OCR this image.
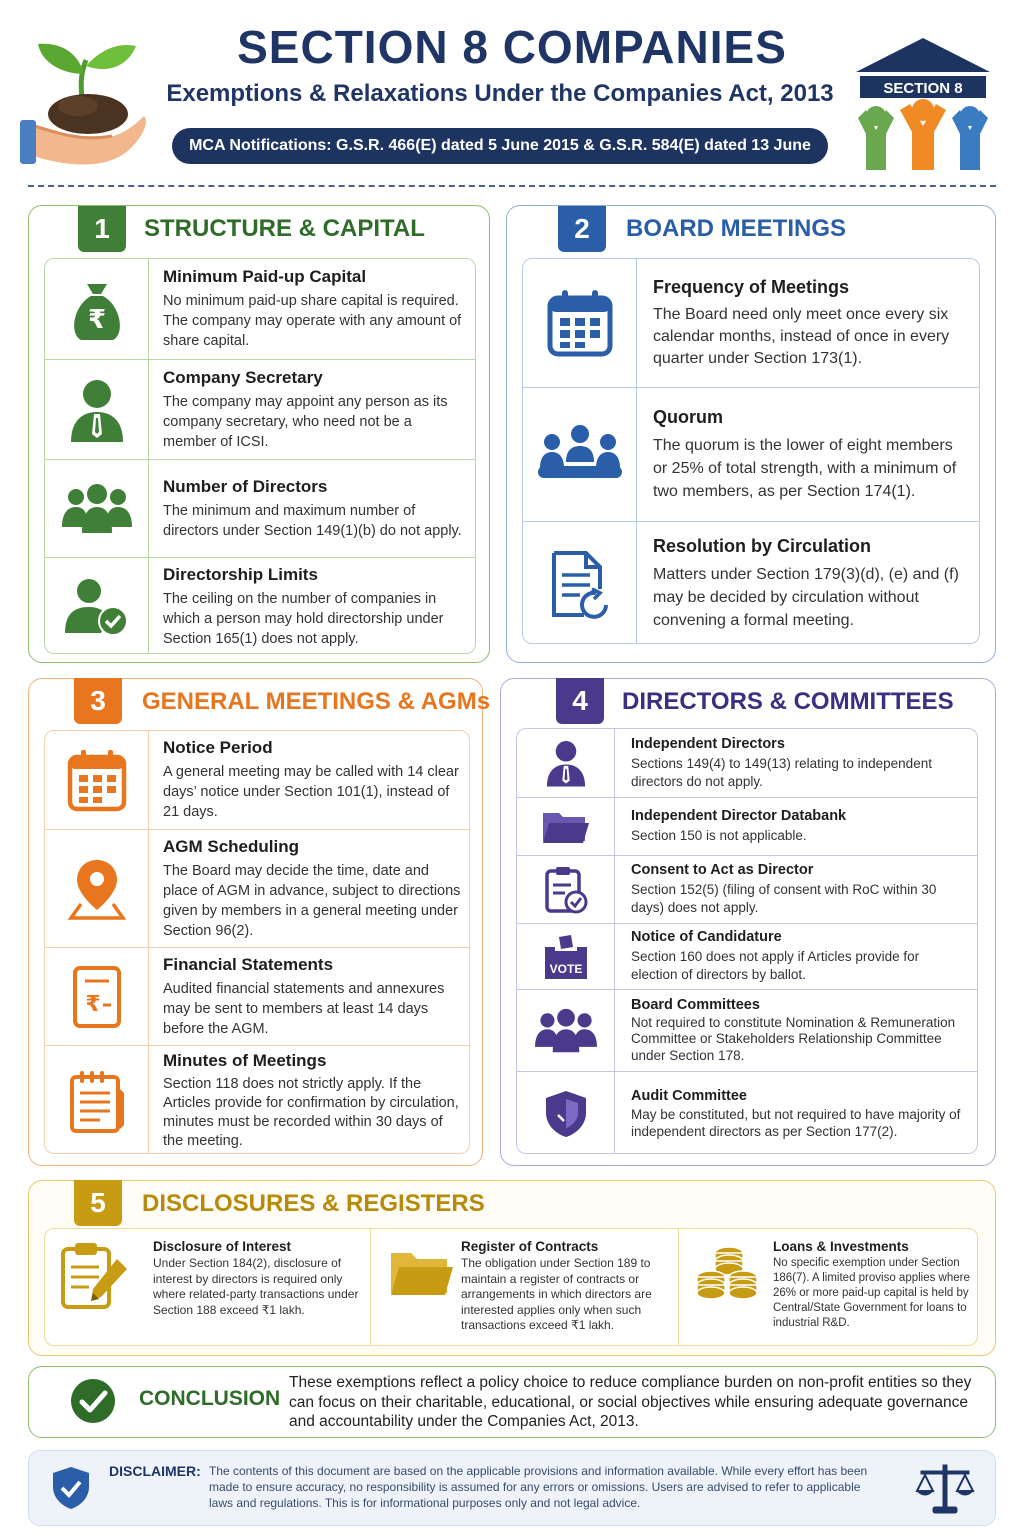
SECTION 8 COMPANIES
Exemptions & Relaxations Under the Companies Act, 2013
MCA Notifications: G.S.R. 466(E) dated 5 June 2015 & G.S.R. 584(E) dated 13 June 2017
SECTION 8
1	STRUCTURE & CAPITAL
₹
Minimum Paid-up Capital
No minimum paid-up share capital is required. The company may operate with any amount of share capital.
Company Secretary
The company may appoint any person as its company secretary, who need not be a member of ICSI.
Number of Directors
The minimum and maximum number of directors under Section 149(1)(b) do not apply.
Directorship Limits
The ceiling on the number of companies in which a person may hold directorship under Section 165(1) does not apply.
2	BOARD MEETINGS
Frequency of Meetings
The Board need only meet once every six calendar months, instead of once in every quarter under Section 173(1).
Quorum
The quorum is the lower of eight members or 25% of total strength, with a minimum of two members, as per Section 174(1).
Resolution by Circulation
Matters under Section 179(3)(d), (e) and (f) may be decided by circulation without convening a formal meeting.
3	GENERAL MEETINGS & AGMs
Notice Period
A general meeting may be called with 14 clear days’ notice under Section 101(1), instead of 21 days.
AGM Scheduling
The Board may decide the time, date and place of AGM in advance, subject to directions given by members in a general meeting under Section 96(2).
₹
Financial Statements
Audited financial statements and annexures may be sent to members at least 14 days before the AGM.
Minutes of Meetings
Section 118 does not strictly apply. If the Articles provide for confirmation by circulation, minutes must be recorded within 30 days of the meeting.
4	DIRECTORS & COMMITTEES
Independent Directors
Sections 149(4) to 149(13) relating to independent directors do not apply.
Independent Director Databank
Section 150 is not applicable.
Consent to Act as Director
Section 152(5) (filing of consent with RoC within 30 days) does not apply.
VOTE
Notice of Candidature
Section 160 does not apply if Articles provide for election of directors by ballot.
Board Committees
Not required to constitute Nomination & Remuneration Committee or Stakeholders Relationship Committee under Section 178.
Audit Committee
May be constituted, but not required to have majority of independent directors as per Section 177(2).
5	DISCLOSURES & REGISTERS
Disclosure of Interest
Under Section 184(2), disclosure of interest by directors is required only where related-party transactions under Section 188 exceed ₹1 lakh.
Register of Contracts
The obligation under Section 189 to maintain a register of contracts or arrangements in which directors are interested applies only when such transactions exceed ₹1 lakh.
Loans & Investments
No specific exemption under Section 186(7). A limited proviso applies where 26% or more paid-up capital is held by Central/State Government for loans to industrial R&D.
CONCLUSION
These exemptions reflect a policy choice to reduce compliance burden on non-profit entities so they can focus on their charitable, educational, or social objectives while ensuring adequate governance and accountability under the Companies Act, 2013.
DISCLAIMER: The contents of this document are based on the applicable provisions and information available. While every effort has been made to ensure accuracy, no responsibility is assumed for any errors or omissions. Users are advised to refer to applicable laws and regulations. This is for informational purposes only and not legal advice.
